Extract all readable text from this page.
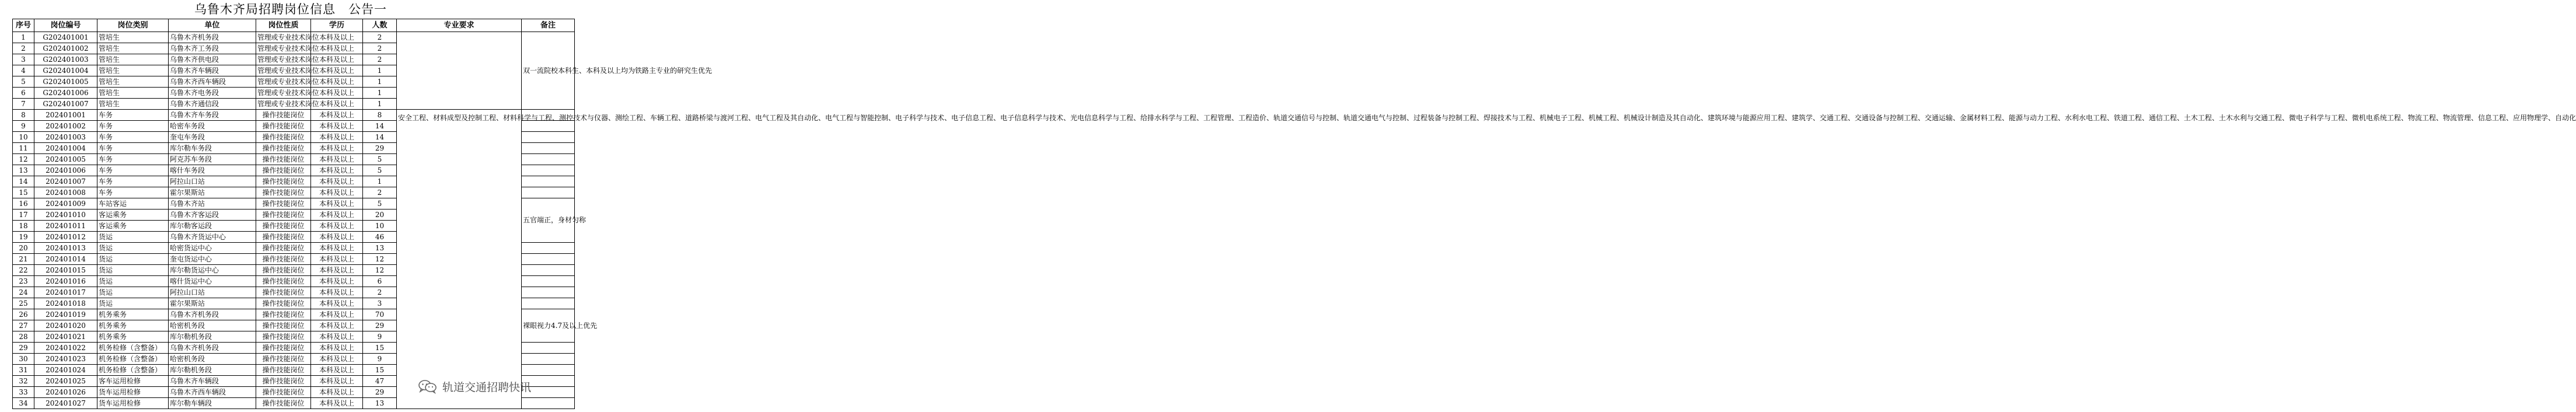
乌鲁木齐局招聘岗位信息　公告一
序号	岗位编号	岗位类别	单位	岗位性质	学历	人数	专业要求	备注
1	G202401001	管培生	乌鲁木齐机务段	管理或专业技术岗位	本科及以上	2		双一流院校本科生、本科及以上均为铁路主专业的研究生优先
2	G202401002	管培生	乌鲁木齐工务段	管理或专业技术岗位	本科及以上	2		
3	G202401003	管培生	乌鲁木齐供电段	管理或专业技术岗位	本科及以上	2		
4	G202401004	管培生	乌鲁木齐车辆段	管理或专业技术岗位	本科及以上	1		
5	G202401005	管培生	乌鲁木齐西车辆段	管理或专业技术岗位	本科及以上	1		
6	G202401006	管培生	乌鲁木齐电务段	管理或专业技术岗位	本科及以上	1		
7	G202401007	管培生	乌鲁木齐通信段	管理或专业技术岗位	本科及以上	1		
8	202401001	车务	乌鲁木齐车务段	操作技能岗位	本科及以上	8	安全工程、材料成型及控制工程、材料科学与工程、测控技术与仪器、测绘工程、车辆工程、道路桥梁与渡河工程、电气工程及其自动化、电气工程与智能控制、电子科学与技术、电子信息工程、电子信息科学与技术、光电信息科学与工程、给排水科学与工程、工程管理、工程造价、轨道交通信号与控制、轨道交通电气与控制、过程装备与控制工程、焊接技术与工程、机械电子工程、机械工程、机械设计制造及其自动化、建筑环境与能源应用工程、建筑学、交通工程、交通设备与控制工程、交通运输、金属材料工程、能源与动力工程、水利水电工程、铁道工程、通信工程、土木工程、土木水利与交通工程、微电子科学与工程、微机电系统工程、物流工程、物流管理、信息工程、应用物理学、自动化	
9	202401002	车务	哈密车务段	操作技能岗位	本科及以上	14		
10	202401003	车务	奎屯车务段	操作技能岗位	本科及以上	14		
11	202401004	车务	库尔勒车务段	操作技能岗位	本科及以上	29		
12	202401005	车务	阿克苏车务段	操作技能岗位	本科及以上	5		
13	202401006	车务	喀什车务段	操作技能岗位	本科及以上	5		
14	202401007	车务	阿拉山口站	操作技能岗位	本科及以上	1		
15	202401008	车务	霍尔果斯站	操作技能岗位	本科及以上	2		
16	202401009	车站客运	乌鲁木齐站	操作技能岗位	本科及以上	5		五官端正，身材匀称
17	202401010	客运乘务	乌鲁木齐客运段	操作技能岗位	本科及以上	20		
18	202401011	客运乘务	库尔勒客运段	操作技能岗位	本科及以上	10		
19	202401012	货运	乌鲁木齐货运中心	操作技能岗位	本科及以上	46		
20	202401013	货运	哈密货运中心	操作技能岗位	本科及以上	13		
21	202401014	货运	奎屯货运中心	操作技能岗位	本科及以上	12		
22	202401015	货运	库尔勒货运中心	操作技能岗位	本科及以上	12		
23	202401016	货运	喀什货运中心	操作技能岗位	本科及以上	6		
24	202401017	货运	阿拉山口站	操作技能岗位	本科及以上	2		
25	202401018	货运	霍尔果斯站	操作技能岗位	本科及以上	3		
26	202401019	机务乘务	乌鲁木齐机务段	操作技能岗位	本科及以上	70		裸眼视力4.7及以上优先
27	202401020	机务乘务	哈密机务段	操作技能岗位	本科及以上	29		
28	202401021	机务乘务	库尔勒机务段	操作技能岗位	本科及以上	9		
29	202401022	机务检修（含整备）	乌鲁木齐机务段	操作技能岗位	本科及以上	15		
30	202401023	机务检修（含整备）	哈密机务段	操作技能岗位	本科及以上	9		
31	202401024	机务检修（含整备）	库尔勒机务段	操作技能岗位	本科及以上	15		
32	202401025	客车运用检修	乌鲁木齐车辆段	操作技能岗位	本科及以上	47		
33	202401026	货车运用检修	乌鲁木齐西车辆段	操作技能岗位	本科及以上	29		
34	202401027	货车运用检修	库尔勒车辆段	操作技能岗位	本科及以上	13		
轨道交通招聘快讯
